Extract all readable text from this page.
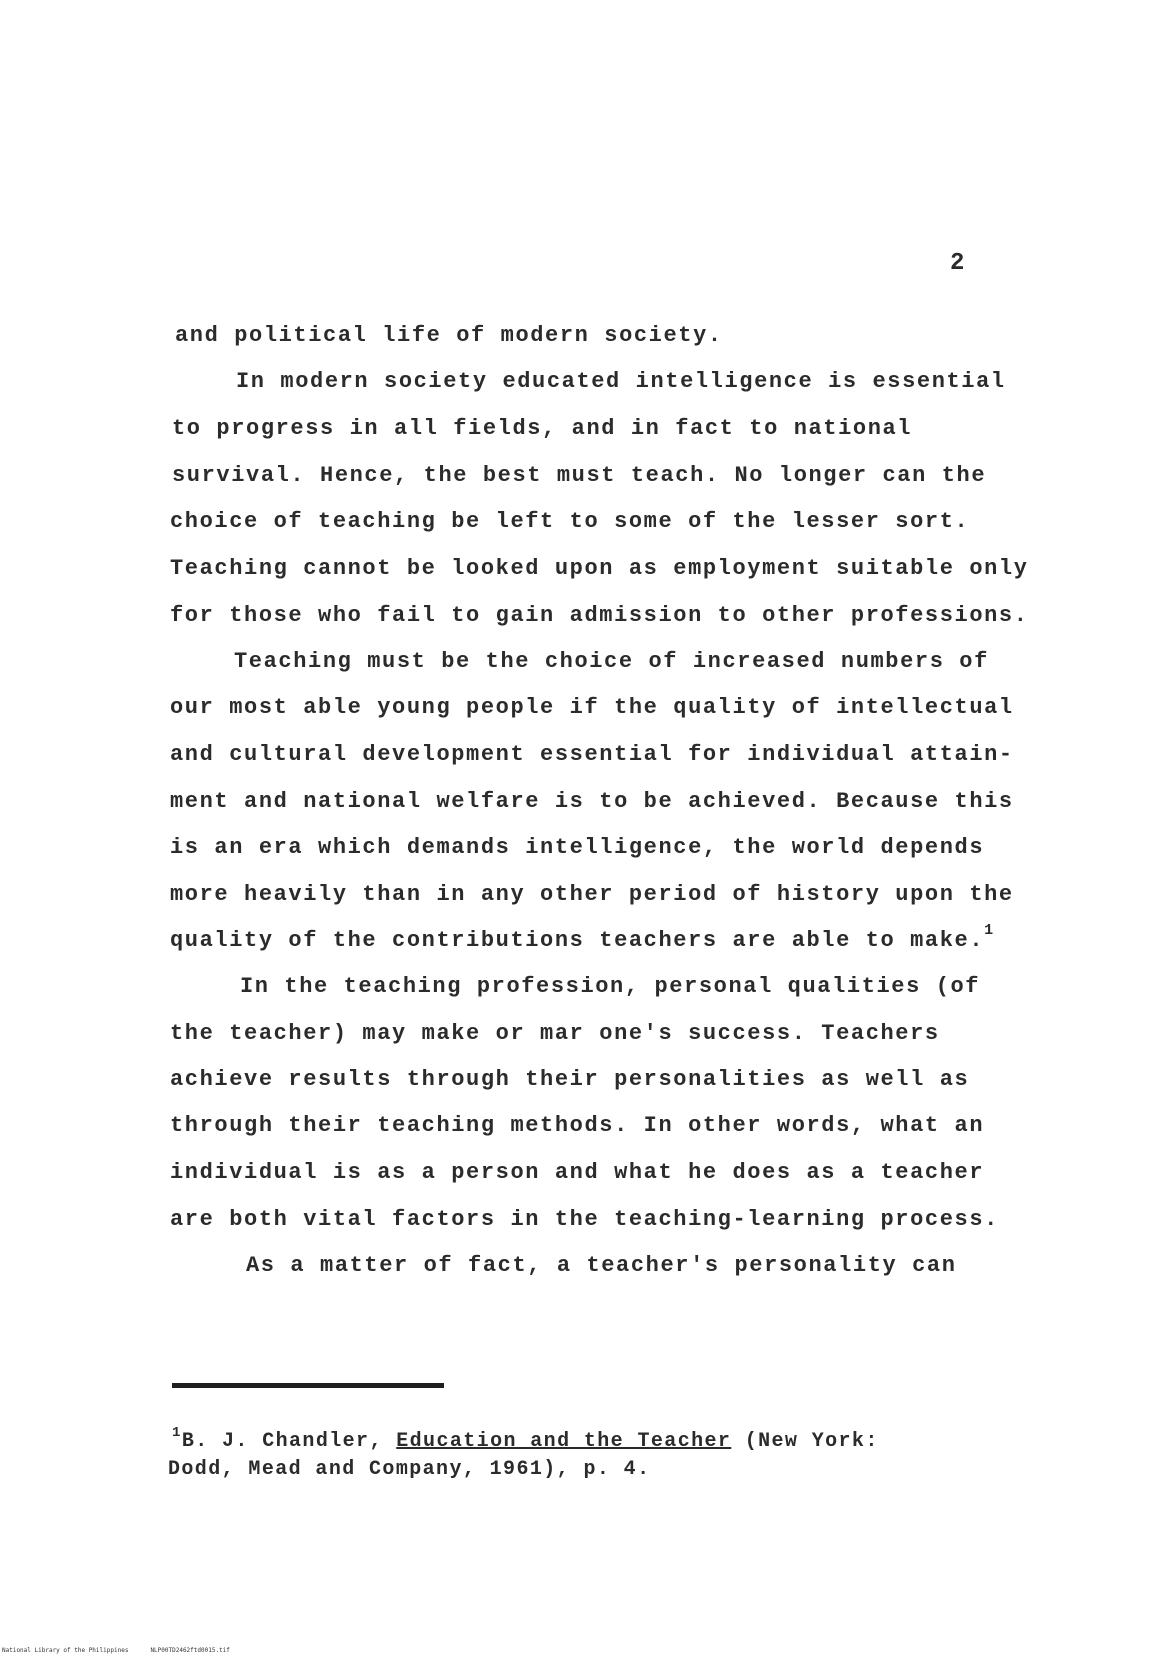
2
and political life of modern society.
In modern society educated intelligence is essential
to progress in all fields, and in fact to national
survival. Hence, the best must teach. No longer can the
choice of teaching be left to some of the lesser sort.
Teaching cannot be looked upon as employment suitable only
for those who fail to gain admission to other professions.
Teaching must be the choice of increased numbers of
our most able young people if the quality of intellectual
and cultural development essential for individual attain-
ment and national welfare is to be achieved. Because this
is an era which demands intelligence, the world depends
more heavily than in any other period of history upon the
quality of the contributions teachers are able to make.$^1$
In the teaching profession, personal qualities (of
the teacher) may make or mar one's success. Teachers
achieve results through their personalities as well as
through their teaching methods. In other words, what an
individual is as a person and what he does as a teacher
are both vital factors in the teaching-learning process.
As a matter of fact, a teacher's personality can
$^1$B. J. Chandler, Education and the Teacher (New York:
Dodd, Mead and Company, 1961), p. 4.
National Library of the Philippines	NLP00TD2462ftd0015.tif
